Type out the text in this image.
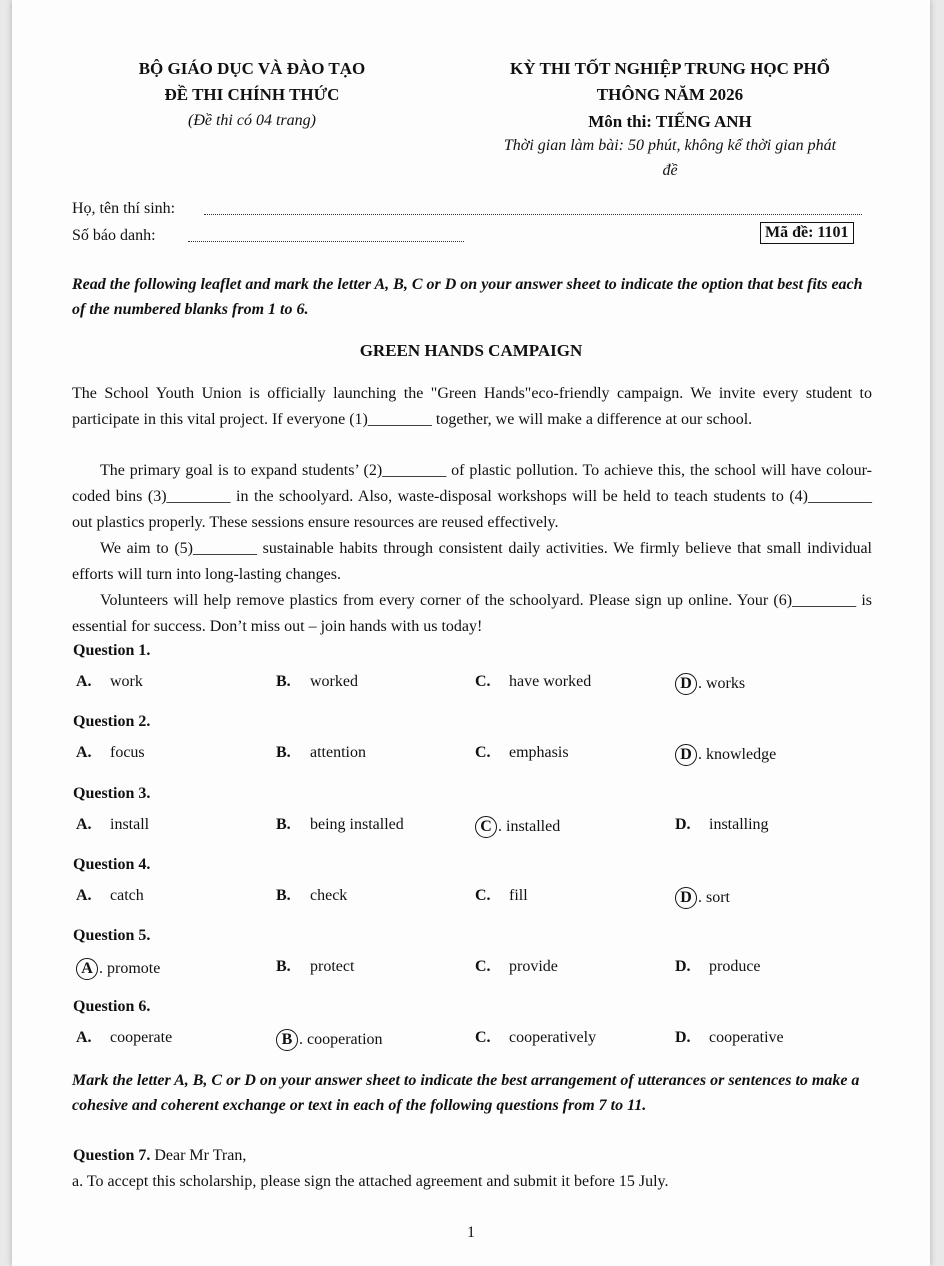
BỘ GIÁO DỤC VÀ ĐÀO TẠO
ĐỀ THI CHÍNH THỨC
(Đề thi có 04 trang)
KỲ THI TỐT NGHIỆP TRUNG HỌC PHỔ
THÔNG NĂM 2026
Môn thi: TIẾNG ANH
Thời gian làm bài: 50 phút, không kể thời gian phát
đề
Họ, tên thí sinh:
Số báo danh:	Mã đề: 1101
Read the following leaflet and mark the letter A, B, C or D on your answer sheet to indicate the option that best fits each of the numbered blanks from 1 to 6.
GREEN HANDS CAMPAIGN
The School Youth Union is officially launching the "Green Hands"eco-friendly campaign. We invite every student to participate in this vital project. If everyone (1)________ together, we will make a difference at our school.
The primary goal is to expand students’ (2)________ of plastic pollution. To achieve this, the school will have colour-coded bins (3)________ in the schoolyard. Also, waste-disposal workshops will be held to teach students to (4)________ out plastics properly. These sessions ensure resources are reused effectively.
We aim to (5)________ sustainable habits through consistent daily activities. We firmly believe that small individual efforts will turn into long-lasting changes.
Volunteers will help remove plastics from every corner of the schoolyard. Please sign up online. Your (6)________ is essential for success. Don’t miss out – join hands with us today!
Question 1.
A. work	B. worked	C. have worked	D . works
Question 2.
A. focus	B. attention	C. emphasis	D . knowledge
Question 3.
A. install	B. being installed	C . installed	D. installing
Question 4.
A. catch	B. check	C. fill	D . sort
Question 5.
A . promote	B. protect	C. provide	D. produce
Question 6.
A. cooperate	B . cooperation	C. cooperatively	D. cooperative
Mark the letter A, B, C or D on your answer sheet to indicate the best arrangement of utterances or sentences to make a cohesive and coherent exchange or text in each of the following questions from 7 to 11.
Question 7. Dear Mr Tran,
a. To accept this scholarship, please sign the attached agreement and submit it before 15 July.
1
